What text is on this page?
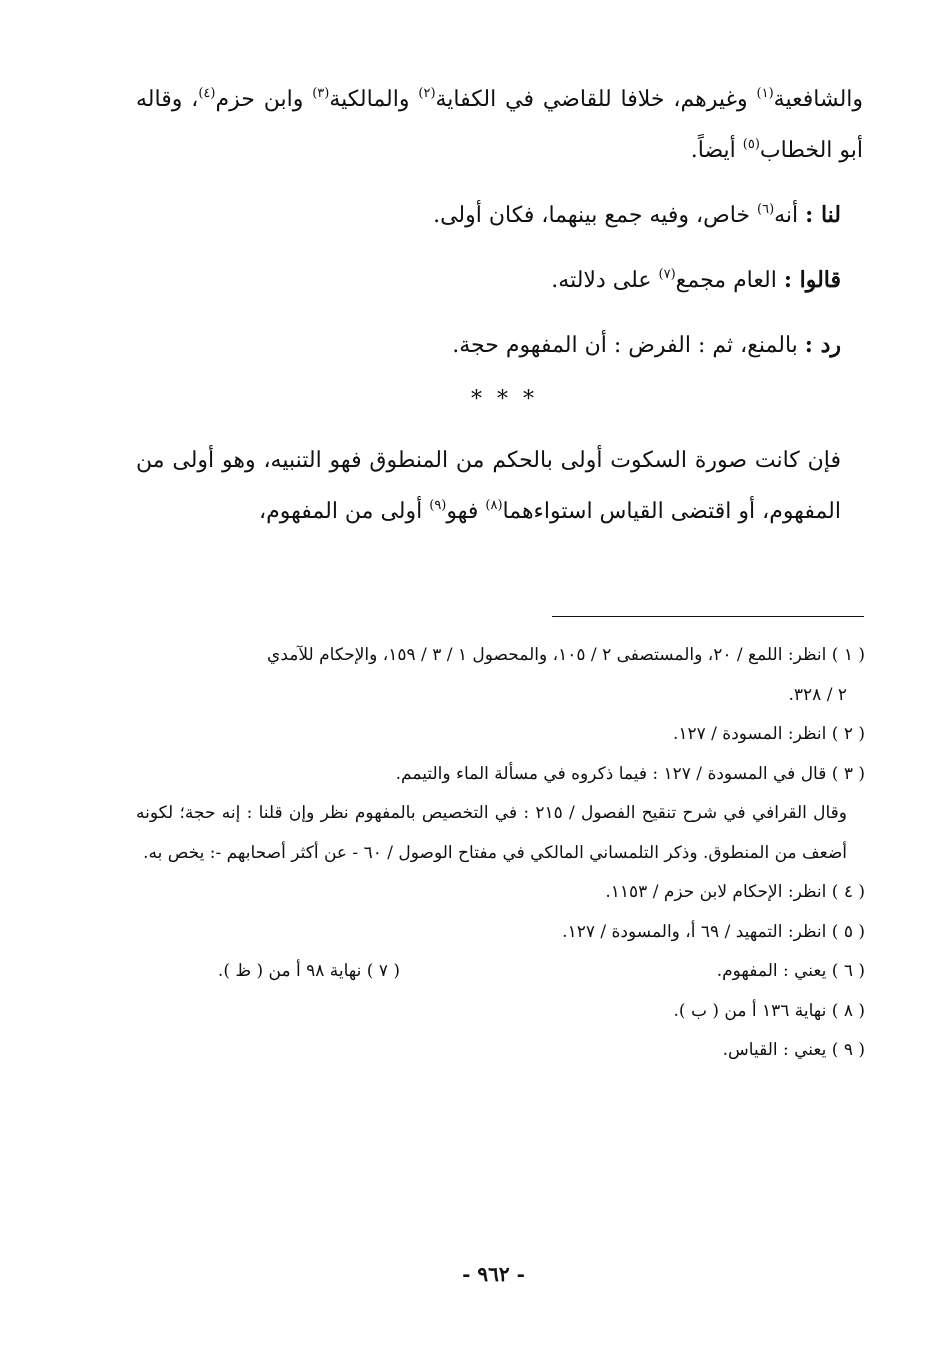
والشافعية$^{(١)}$ وغيرهم، خلافا للقاضي في الكفاية$^{(٢)}$ والمالكية$^{(٣)}$ وابن حزم$^{(٤)}$، وقاله أبو الخطاب$^{(٥)}$ أيضاً.

لنا : أنه$^{(٦)}$ خاص، وفيه جمع بينهما، فكان أولى.

قالوا : العام مجمع$^{(٧)}$ على دلالته.

رد : بالمنع، ثم : الفرض : أن المفهوم حجة.

* * *

فإن كانت صورة السكوت أولى بالحكم من المنطوق فهو التنبيه، وهو أولى من المفهوم، أو اقتضى القياس استواءهما$^{(٨)}$ فهو$^{(٩)}$ أولى من المفهوم،

( ١ ) انظر: اللمع / ٢٠، والمستصفى ٢ / ١٠٥، والمحصول ١ / ٣ / ١٥٩، والإحكام للآمدي

٢ / ٣٢٨.

( ٢ ) انظر: المسودة / ١٢٧.

( ٣ ) قال في المسودة / ١٢٧ : فيما ذكروه في مسألة الماء والتيمم.

وقال القرافي في شرح تنقيح الفصول / ٢١٥ : في التخصيص بالمفهوم نظر وإن قلنا : إنه حجة؛ لكونه أضعف من المنطوق. وذكر التلمساني المالكي في مفتاح الوصول / ٦٠ - عن أكثر أصحابهم -: يخص به.

( ٤ ) انظر: الإحكام لابن حزم / ١١٥٣.

( ٥ ) انظر: التمهيد / ٦٩ أ، والمسودة / ١٢٧.

( ٦ ) يعني : المفهوم.
( ٧ ) نهاية ٩٨ أ من ( ظ ).

( ٨ ) نهاية ١٣٦ أ من ( ب ).

( ٩ ) يعني : القياس.

- ٩٦٢ -
